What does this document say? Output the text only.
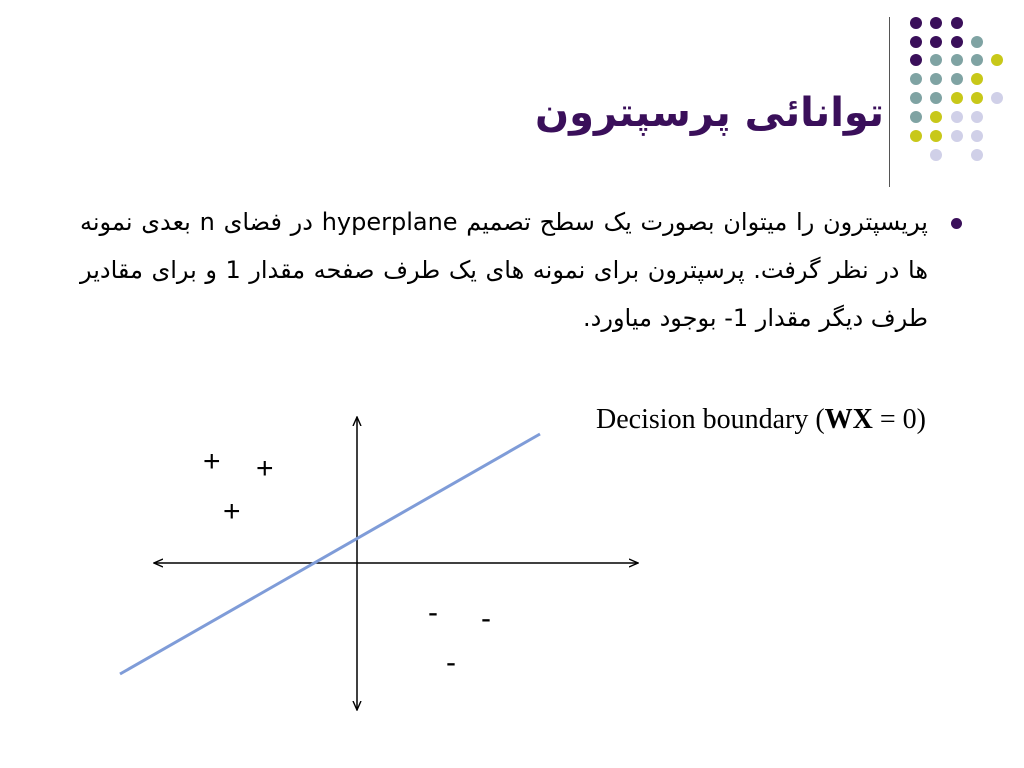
توانائی پرسپترون
پریسپترون را میتوان بصورت یک سطح تصمیم hyperplane در فضای n بعدی نمونه ها در نظر گرفت. پرسپترون برای نمونه های یک طرف صفحه مقدار 1 و برای مقادیر طرف دیگر مقدار -1 بوجود میاورد.
Decision boundary (WX = 0)
+ +
+
- -
-
